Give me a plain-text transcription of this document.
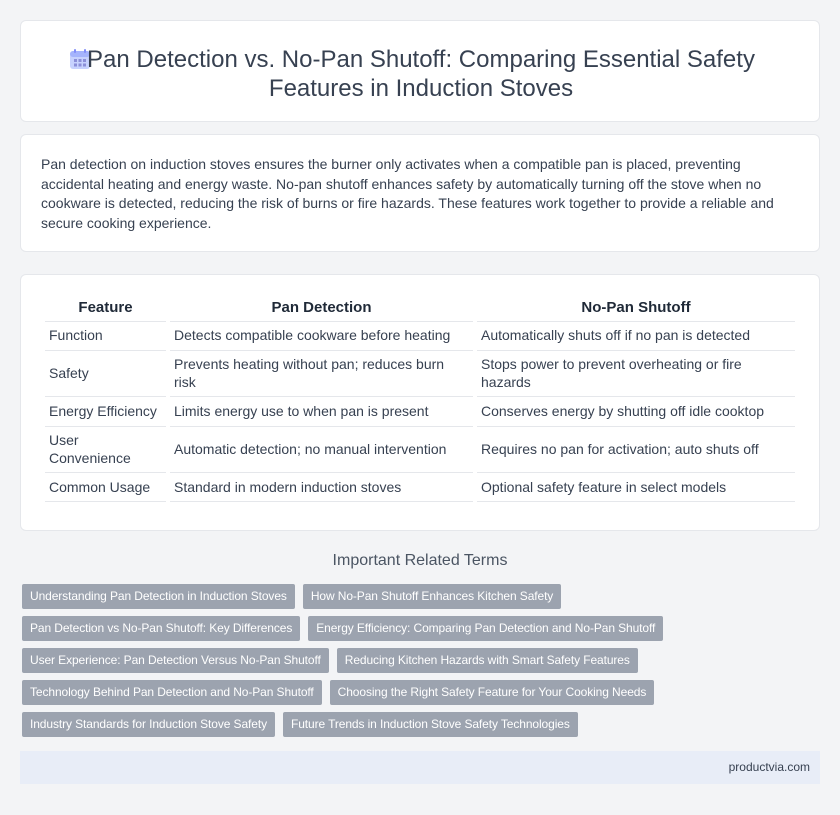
Pan Detection vs. No-Pan Shutoff: Comparing Essential Safety
Features in Induction Stoves

Pan detection on induction stoves ensures the burner only activates when a compatible pan is placed, preventing accidental heating and energy waste. No-pan shutoff enhances safety by automatically turning off the stove when no cookware is detected, reducing the risk of burns or fire hazards. These features work together to provide a reliable and secure cooking experience.

Feature	Pan Detection	No-Pan Shutoff
Function	Detects compatible cookware before heating	Automatically shuts off if no pan is detected
Safety	Prevents heating without pan; reduces burn risk	Stops power to prevent overheating or fire hazards
Energy Efficiency	Limits energy use to when pan is present	Conserves energy by shutting off idle cooktop
User Convenience	Automatic detection; no manual intervention	Requires no pan for activation; auto shuts off
Common Usage	Standard in modern induction stoves	Optional safety feature in select models
Important Related Terms
Understanding Pan Detection in Induction Stoves How No-Pan Shutoff Enhances Kitchen Safety
Pan Detection vs No-Pan Shutoff: Key Differences Energy Efficiency: Comparing Pan Detection and No-Pan Shutoff
User Experience: Pan Detection Versus No-Pan Shutoff Reducing Kitchen Hazards with Smart Safety Features
Technology Behind Pan Detection and No-Pan Shutoff Choosing the Right Safety Feature for Your Cooking Needs
Industry Standards for Induction Stove Safety Future Trends in Induction Stove Safety Technologies
productvia.com
